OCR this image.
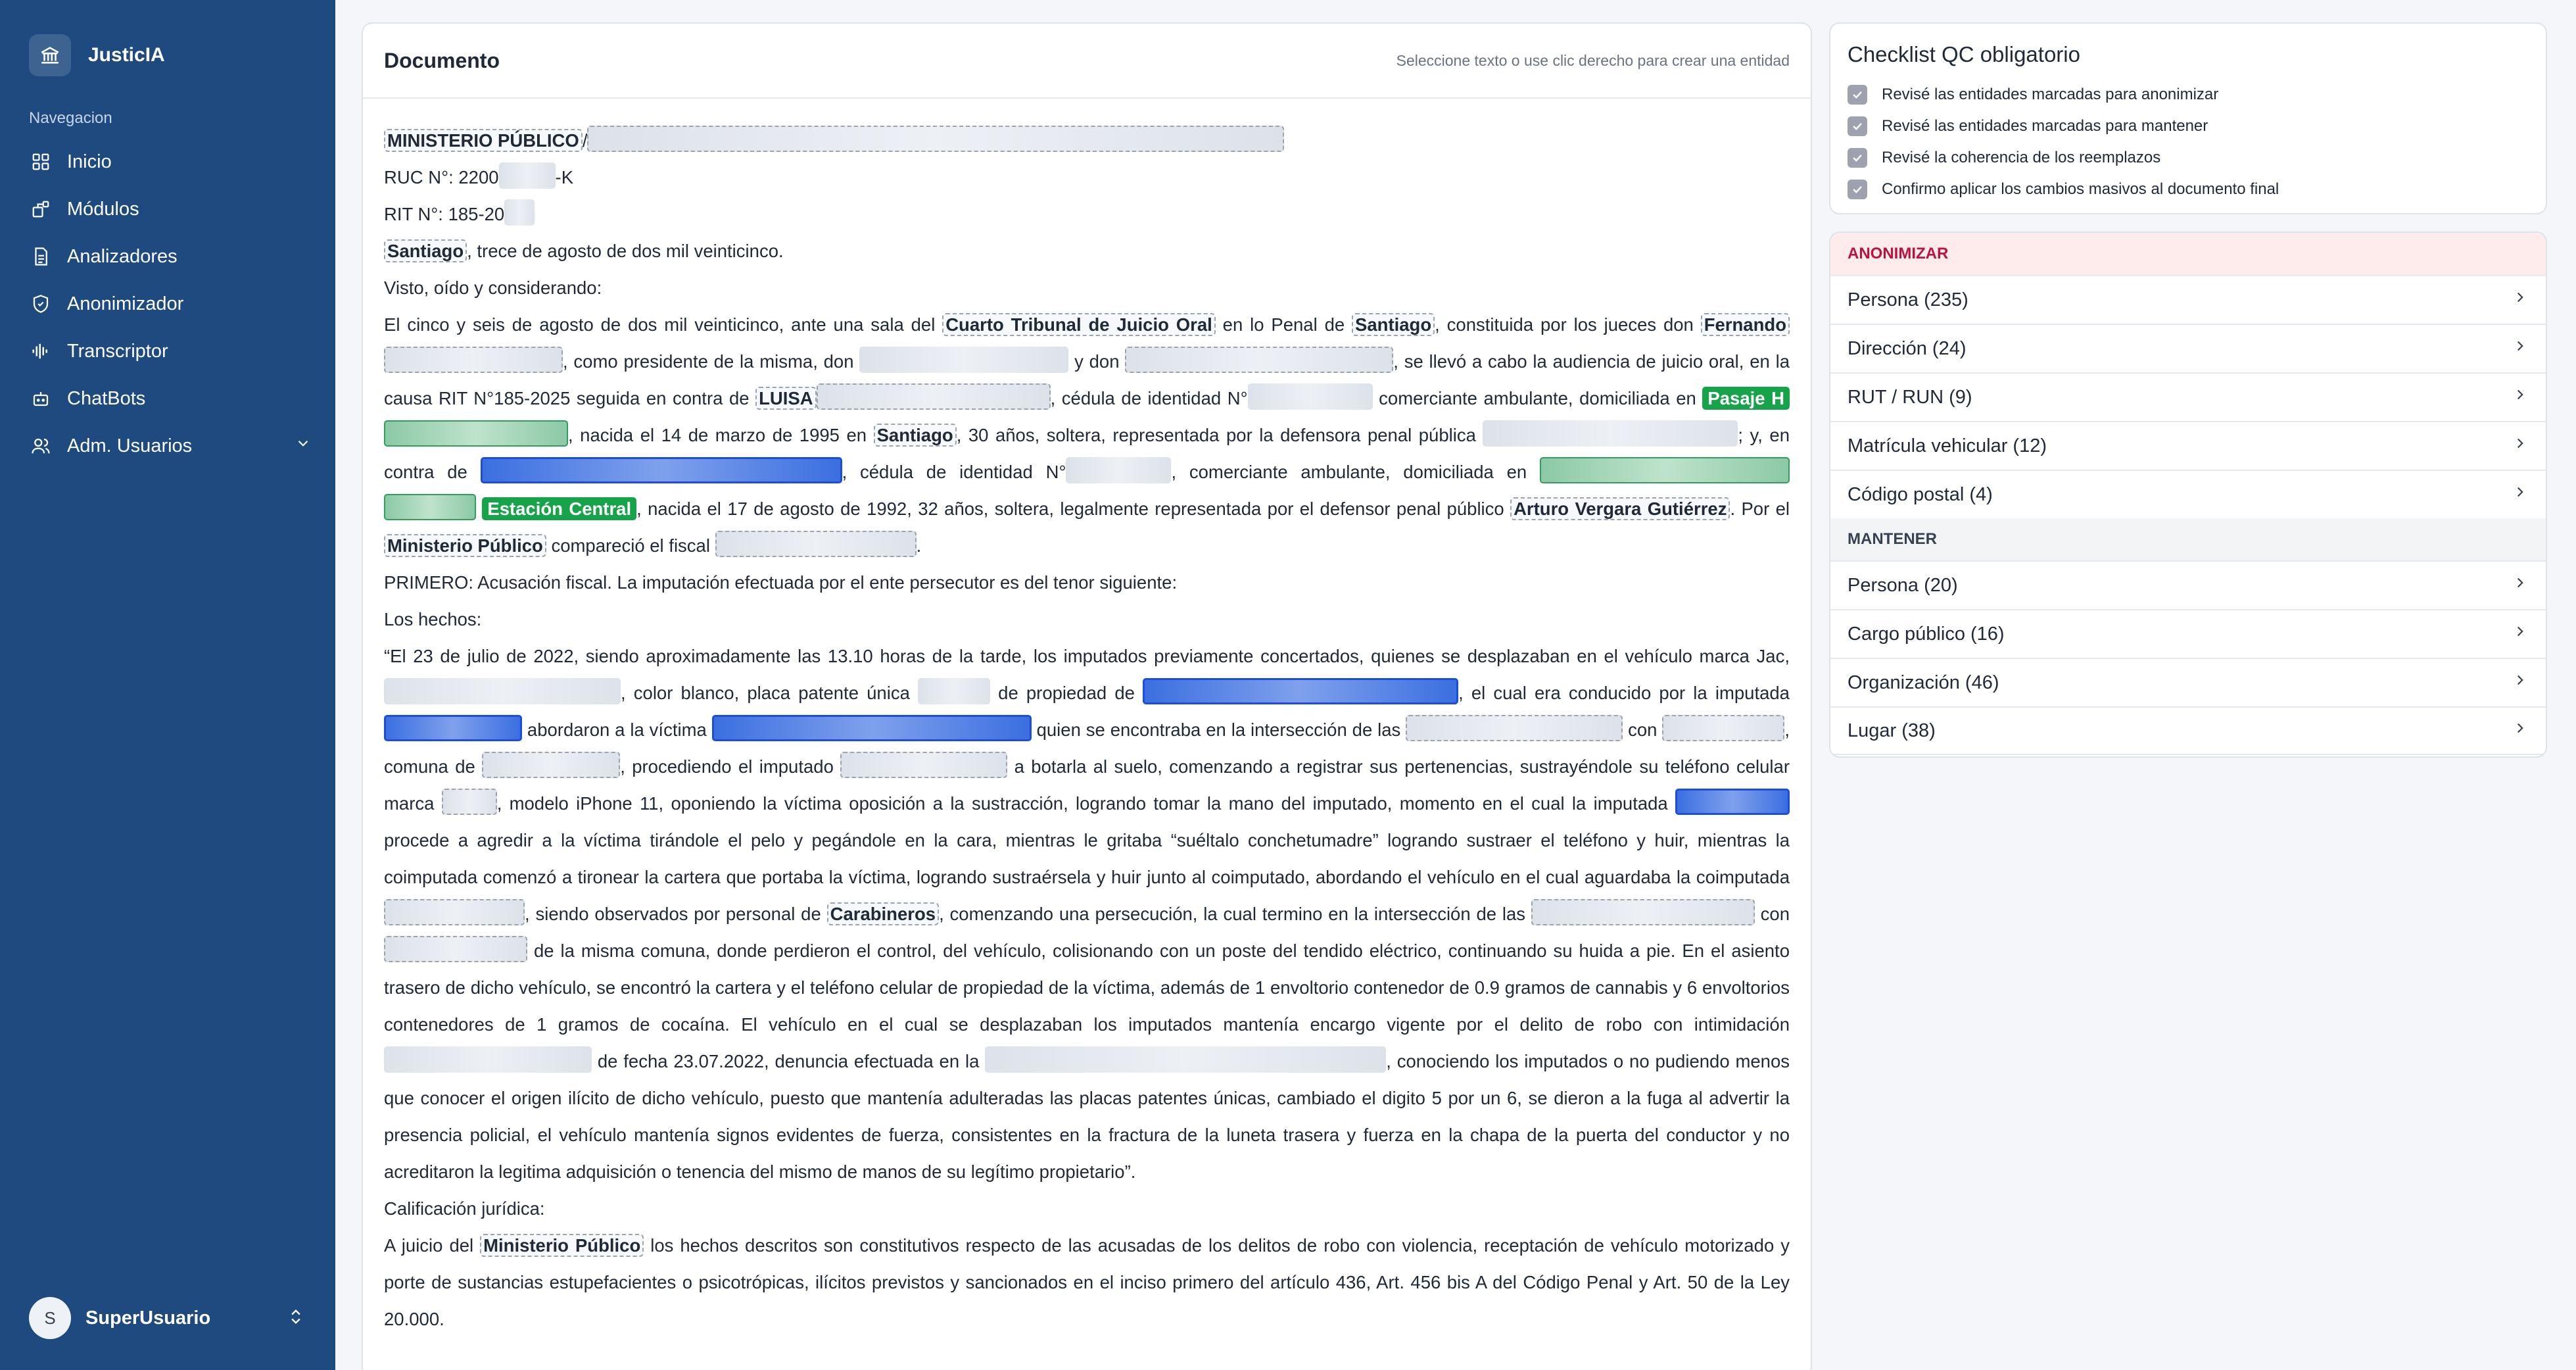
JusticIA
Navegacion
Inicio
Módulos
Analizadores
Anonimizador
Transcriptor
ChatBots
Adm. Usuarios
S	SuperUsuario
Documento	Seleccione texto o use clic derecho para crear una entidad

MINISTERIO PÚBLICO /

RUC N°: 2200	-K

RIT N°: 185-20

Santiago , trece de agosto de dos mil veinticinco.

Visto, oído y considerando:

El cinco y seis de agosto de dos mil veinticinco, ante una sala del Cuarto Tribunal de Juicio Oral en lo Penal de Santiago , constituida por los jueces don Fernando , como presidente de la misma, don	y don	, se llevó a cabo la audiencia de juicio oral, en la causa RIT N°185-2025 seguida en contra de LUISA	, cédula de identidad N°	comerciante ambulante, domiciliada en Pasaje H , nacida el 14 de marzo de 1995 en Santiago , 30 años, soltera, representada por la defensora penal pública	; y, en contra de	, cédula de identidad N°	, comerciante ambulante, domiciliada en   Estación Central , nacida el 17 de agosto de 1992, 32 años, soltera, legalmente representada por el defensor penal público Arturo Vergara Gutiérrez . Por el Ministerio Público compareció el fiscal	.

PRIMERO: Acusación fiscal. La imputación efectuada por el ente persecutor es del tenor siguiente:

Los hechos:

“El 23 de julio de 2022, siendo aproximadamente las 13.10 horas de la tarde, los imputados previamente concertados, quienes se desplazaban en el vehículo marca Jac, , color blanco, placa patente única	de propiedad de	, el cual era conducido por la imputada  abordaron a la víctima	quien se encontraba en la intersección de las	con	, comuna de	, procediendo el imputado	a botarla al suelo, comenzando a registrar sus pertenencias, sustrayéndole su teléfono celular marca	, modelo iPhone 11, oponiendo la víctima oposición a la sustracción, logrando tomar la mano del imputado, momento en el cual la imputada  procede a agredir a la víctima tirándole el pelo y pegándole en la cara, mientras le gritaba “suéltalo conchetumadre” logrando sustraer el teléfono y huir, mientras la coimputada comenzó a tironear la cartera que portaba la víctima, logrando sustraérsela y huir junto al coimputado, abordando el vehículo en el cual aguardaba la coimputada , siendo observados por personal de Carabineros , comenzando una persecución, la cual termino en la intersección de las	con  de la misma comuna, donde perdieron el control, del vehículo, colisionando con un poste del tendido eléctrico, continuando su huida a pie. En el asiento trasero de dicho vehículo, se encontró la cartera y el teléfono celular de propiedad de la víctima, además de 1 envoltorio contenedor de 0.9 gramos de cannabis y 6 envoltorios contenedores de 1 gramos de cocaína. El vehículo en el cual se desplazaban los imputados mantenía encargo vigente por el delito de robo con intimidación  de fecha 23.07.2022, denuncia efectuada en la	, conociendo los imputados o no pudiendo menos que conocer el origen ilícito de dicho vehículo, puesto que mantenía adulteradas las placas patentes únicas, cambiado el digito 5 por un 6, se dieron a la fuga al advertir la presencia policial, el vehículo mantenía signos evidentes de fuerza, consistentes en la fractura de la luneta trasera y fuerza en la chapa de la puerta del conductor y no acreditaron la legitima adquisición o tenencia del mismo de manos de su legítimo propietario”.

Calificación jurídica:

A juicio del Ministerio Público los hechos descritos son constitutivos respecto de las acusadas de los delitos de robo con violencia, receptación de vehículo motorizado y porte de sustancias estupefacientes o psicotrópicas, ilícitos previstos y sancionados en el inciso primero del artículo 436, Art. 456 bis A del Código Penal y Art. 50 de la Ley 20.000.

Checklist QC obligatorio
Revisé las entidades marcadas para anonimizar
Revisé las entidades marcadas para mantener
Revisé la coherencia de los reemplazos
Confirmo aplicar los cambios masivos al documento final
ANONIMIZAR
Persona (235)
Dirección (24)
RUT / RUN (9)
Matrícula vehicular (12)
Código postal (4)
MANTENER
Persona (20)
Cargo público (16)
Organización (46)
Lugar (38)
